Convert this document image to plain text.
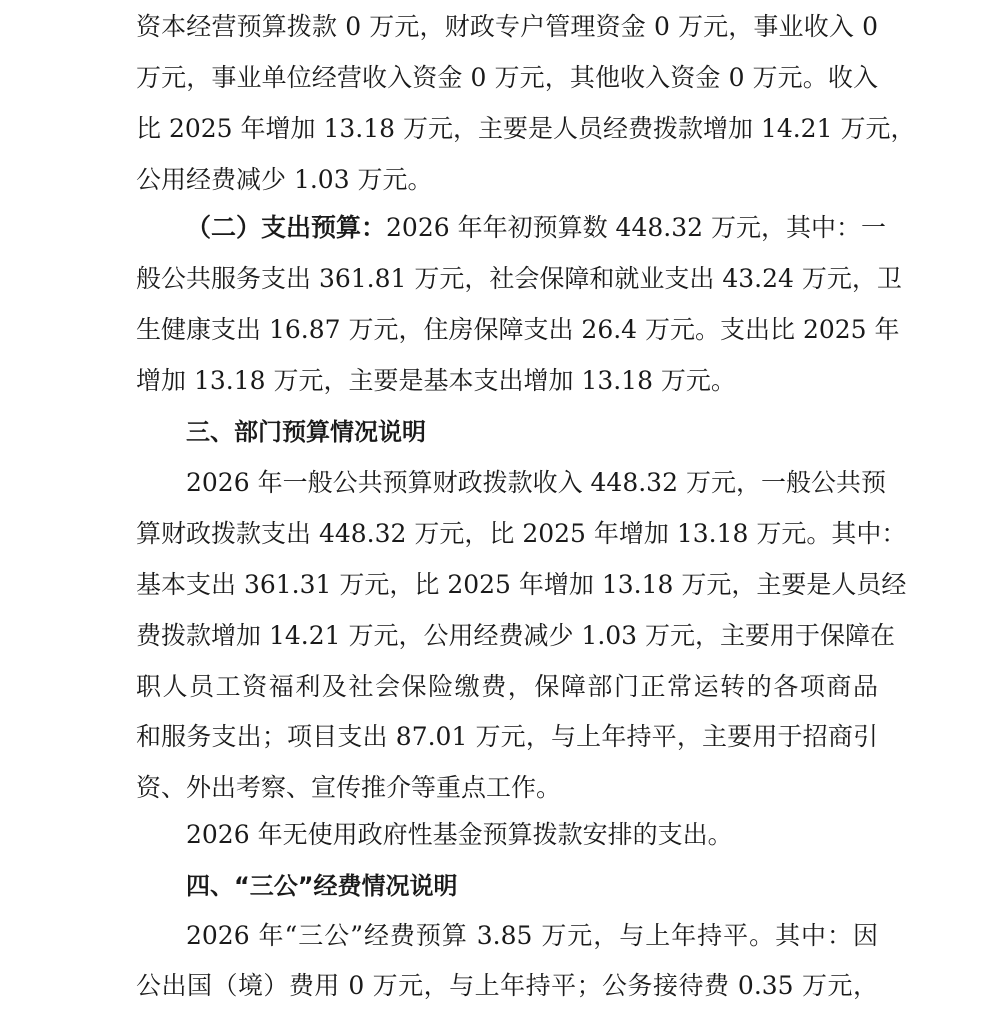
资本经营预算拨款 0 万元，财政专户管理资金 0 万元，事业收入 0
万元，事业单位经营收入资金 0 万元，其他收入资金 0 万元。收入
比 2025 年增加 13.18 万元，主要是人员经费拨款增加 14.21 万元，
公用经费减少 1.03 万元。
（二）支出预算：2026 年年初预算数 448.32 万元，其中：一
般公共服务支出 361.81 万元，社会保障和就业支出 43.24 万元，卫
生健康支出 16.87 万元，住房保障支出 26.4 万元。支出比 2025 年
增加 13.18 万元，主要是基本支出增加 13.18 万元。
三、部门预算情况说明
2026 年一般公共预算财政拨款收入 448.32 万元，一般公共预
算财政拨款支出 448.32 万元，比 2025 年增加 13.18 万元。其中：
基本支出 361.31 万元，比 2025 年增加 13.18 万元，主要是人员经
费拨款增加 14.21 万元，公用经费减少 1.03 万元，主要用于保障在
职人员工资福利及社会保险缴费，保障部门正常运转的各项商品
和服务支出；项目支出 87.01 万元，与上年持平，主要用于招商引
资、外出考察、宣传推介等重点工作。
2026 年无使用政府性基金预算拨款安排的支出。
四、“三公”经费情况说明
2026 年“三公”经费预算 3.85 万元，与上年持平。其中：因
公出国（境）费用 0 万元，与上年持平；公务接待费 0.35 万元，
